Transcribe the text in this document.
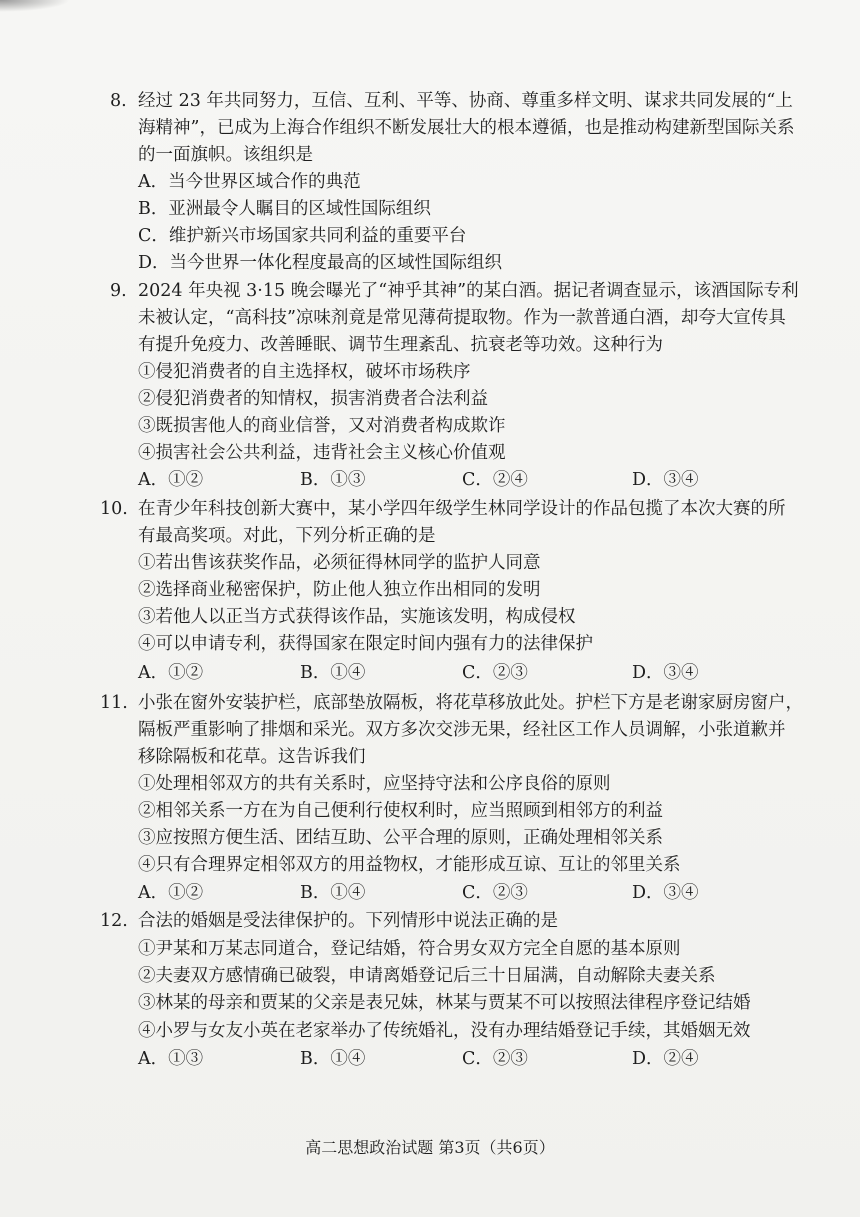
8. 经过 23 年共同努力，互信、互利、平等、协商、尊重多样文明、谋求共同发展的“上
海精神”，已成为上海合作组织不断发展壮大的根本遵循，也是推动构建新型国际关系
的一面旗帜。该组织是
A．当今世界区域合作的典范
B．亚洲最令人瞩目的区域性国际组织
C．维护新兴市场国家共同利益的重要平台
D．当今世界一体化程度最高的区域性国际组织
9. 2024 年央视 3·15 晚会曝光了“神乎其神”的某白酒。据记者调查显示，该酒国际专利
未被认定，“高科技”凉味剂竟是常见薄荷提取物。作为一款普通白酒，却夸大宣传具
有提升免疫力、改善睡眠、调节生理紊乱、抗衰老等功效。这种行为
①侵犯消费者的自主选择权，破坏市场秩序
②侵犯消费者的知情权，损害消费者合法利益
③既损害他人的商业信誉，又对消费者构成欺诈
④损害社会公共利益，违背社会主义核心价值观
A．①②	B．①③	C．②④	D．③④
10. 在青少年科技创新大赛中，某小学四年级学生林同学设计的作品包揽了本次大赛的所
有最高奖项。对此，下列分析正确的是
①若出售该获奖作品，必须征得林同学的监护人同意
②选择商业秘密保护，防止他人独立作出相同的发明
③若他人以正当方式获得该作品，实施该发明，构成侵权
④可以申请专利，获得国家在限定时间内强有力的法律保护
A．①②	B．①④	C．②③	D．③④
11. 小张在窗外安装护栏，底部垫放隔板，将花草移放此处。护栏下方是老谢家厨房窗户，
隔板严重影响了排烟和采光。双方多次交涉无果，经社区工作人员调解，小张道歉并
移除隔板和花草。这告诉我们
①处理相邻双方的共有关系时，应坚持守法和公序良俗的原则
②相邻关系一方在为自己便利行使权利时，应当照顾到相邻方的利益
③应按照方便生活、团结互助、公平合理的原则，正确处理相邻关系
④只有合理界定相邻双方的用益物权，才能形成互谅、互让的邻里关系
A．①②	B．①④	C．②③	D．③④
12. 合法的婚姻是受法律保护的。下列情形中说法正确的是
①尹某和万某志同道合，登记结婚，符合男女双方完全自愿的基本原则
②夫妻双方感情确已破裂，申请离婚登记后三十日届满，自动解除夫妻关系
③林某的母亲和贾某的父亲是表兄妹，林某与贾某不可以按照法律程序登记结婚
④小罗与女友小英在老家举办了传统婚礼，没有办理结婚登记手续，其婚姻无效
A．①③	B．①④	C．②③	D．②④
高二思想政治试题 第3页（共6页）
